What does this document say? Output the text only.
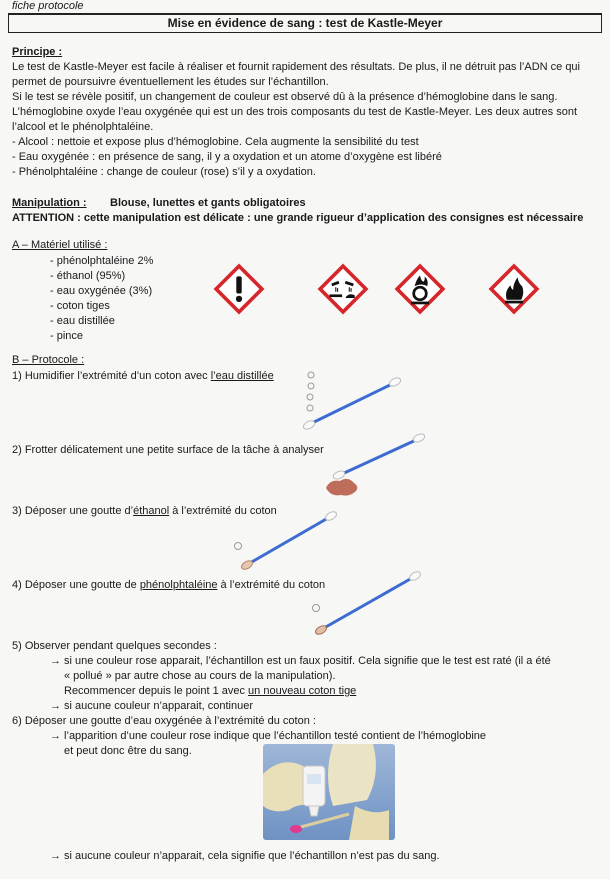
fiche protocole
Mise en évidence de sang : test de Kastle-Meyer
Principe :
Le test de Kastle-Meyer est facile à réaliser et fournit rapidement des résultats. De plus, il ne détruit pas l’ADN ce qui
permet de poursuivre éventuellement les études sur l’échantillon.
Si le test se révèle positif, un changement de couleur est observé dû à la présence d’hémoglobine dans le sang.
L’hémoglobine oxyde l’eau oxygénée qui est un des trois composants du test de Kastle-Meyer. Les deux autres sont
l’alcool et le phénolphtaléine.
- Alcool : nettoie et expose plus d’hémoglobine. Cela augmente la sensibilité du test
- Eau oxygénée : en présence de sang, il y a oxydation et un atome d’oxygène est libéré
- Phénolphtaléine : change de couleur (rose) s’il y a oxydation.
Manipulation : Blouse, lunettes et gants obligatoires
ATTENTION : cette manipulation est délicate : une grande rigueur d’application des consignes est nécessaire
A – Matériel utilisé :
- phénolphtaléine 2%
- éthanol (95%)
- eau oxygénée (3%)
- coton tiges
- eau distillée
- pince
B – Protocole :
1) Humidifier l’extrémité d’un coton avec l’eau distillée
2) Frotter délicatement une petite surface de la tâche à analyser
3) Déposer une goutte d’éthanol à l’extrémité du coton
4) Déposer une goutte de phénolphtaléine à l’extrémité du coton
5) Observer pendant quelques secondes :
→ si une couleur rose apparait, l’échantillon est un faux positif. Cela signifie que le test est raté (il a été
« pollué » par autre chose au cours de la manipulation).
Recommencer depuis le point 1 avec un nouveau coton tige
→ si aucune couleur n’apparait, continuer
6) Déposer une goutte d’eau oxygénée à l’extrémité du coton :
→ l’apparition d’une couleur rose indique que l’échantillon testé contient de l’hémoglobine
et peut donc être du sang.
→ si aucune couleur n’apparait, cela signifie que l’échantillon n’est pas du sang.
